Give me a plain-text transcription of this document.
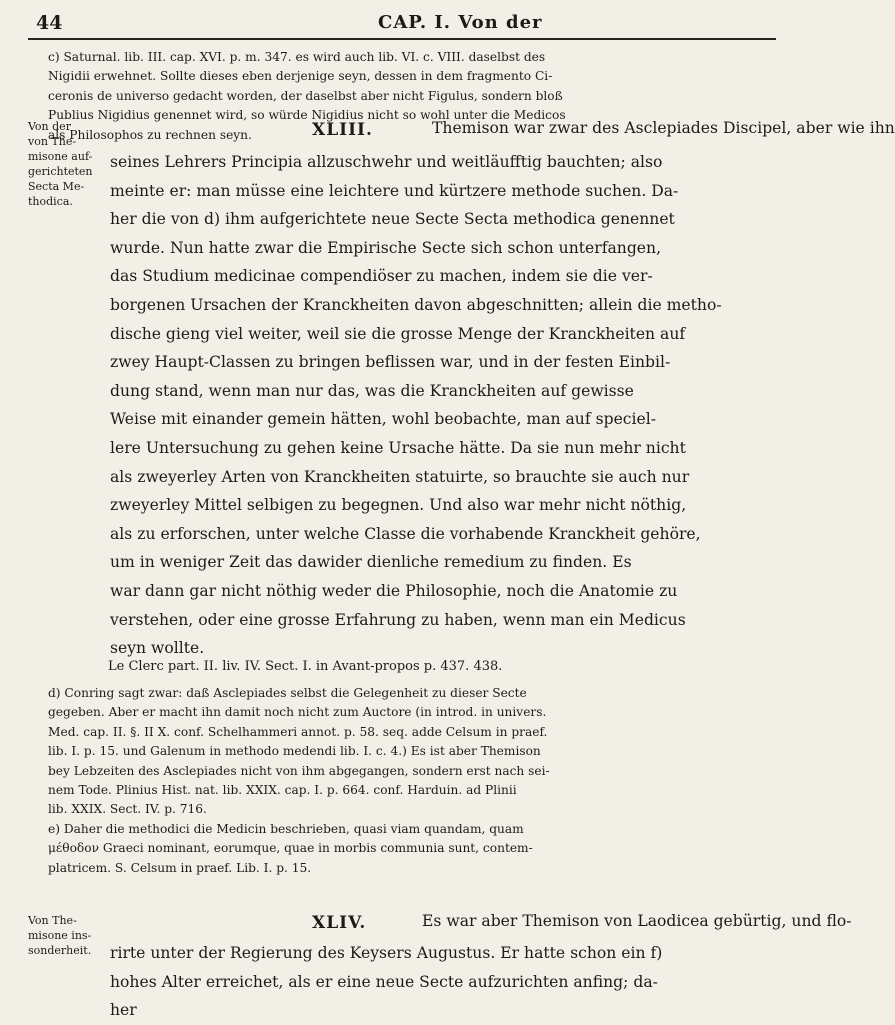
44	CAP. I. Von der
c) Saturnal. lib. III. cap. XVI. p. m. 347. es wird auch lib. VI. c. VIII. daselbst des
Nigidii erwehnet. Sollte dieses eben derjenige seyn, dessen in dem fragmento Ci-
ceronis de universo gedacht worden, der daselbst aber nicht Figulus, sondern bloß
Publius Nigidius genennet wird, so würde Nigidius nicht so wohl unter die Medicos
als Philosophos zu rechnen seyn.
Von der
von The-
misone auf-
gerichteten
Secta Me-
thodica.
XLIII.	Themison war zwar des Asclepiades Discipel, aber wie ihn
seines Lehrers Principia allzuschwehr und weitläufftig bauchten; also
meinte er: man müsse eine leichtere und kürtzere methode suchen. Da-
her die von d) ihm aufgerichtete neue Secte Secta methodica genennet
wurde. Nun hatte zwar die Empirische Secte sich schon unterfangen,
das Studium medicinae compendiöser zu machen, indem sie die ver-
borgenen Ursachen der Kranckheiten davon abgeschnitten; allein die metho-
dische gieng viel weiter, weil sie die grosse Menge der Kranckheiten auf
zwey Haupt-Classen zu bringen beflissen war, und in der festen Einbil-
dung stand, wenn man nur das, was die Kranckheiten auf gewisse
Weise mit einander gemein hätten, wohl beobachte, man auf speciel-
lere Untersuchung zu gehen keine Ursache hätte. Da sie nun mehr nicht
als zweyerley Arten von Kranckheiten statuirte, so brauchte sie auch nur
zweyerley Mittel selbigen zu begegnen. Und also war mehr nicht nöthig,
als zu erforschen, unter welche Classe die vorhabende Kranckheit gehöre,
um in weniger Zeit das dawider dienliche remedium zu finden. Es
war dann gar nicht nöthig weder die Philosophie, noch die Anatomie zu
verstehen, oder eine grosse Erfahrung zu haben, wenn man ein Medicus
seyn wollte.
Le Clerc part. II. liv. IV. Sect. I. in Avant-propos p. 437. 438.
d) Conring sagt zwar: daß Asclepiades selbst die Gelegenheit zu dieser Secte
gegeben. Aber er macht ihn damit noch nicht zum Auctore (in introd. in univers.
Med. cap. II. §. II X. conf. Schelhammeri annot. p. 58. seq. adde Celsum in praef.
lib. I. p. 15. und Galenum in methodo medendi lib. I. c. 4.) Es ist aber Themison
bey Lebzeiten des Asclepiades nicht von ihm abgegangen, sondern erst nach sei-
nem Tode. Plinius Hist. nat. lib. XXIX. cap. I. p. 664. conf. Harduin. ad Plinii
lib. XXIX. Sect. IV. p. 716.
e) Daher die methodici die Medicin beschrieben, quasi viam quandam, quam
μέθοδον Graeci nominant, eorumque, quae in morbis communia sunt, contem-
platricem. S. Celsum in praef. Lib. I. p. 15.
Von The-
misone ins-
sonderheit.
XLIV.	Es war aber Themison von Laodicea gebürtig, und flo-
rirte unter der Regierung des Keysers Augustus. Er hatte schon ein f)
hohes Alter erreichet, als er eine neue Secte aufzurichten anfing; da-
her
